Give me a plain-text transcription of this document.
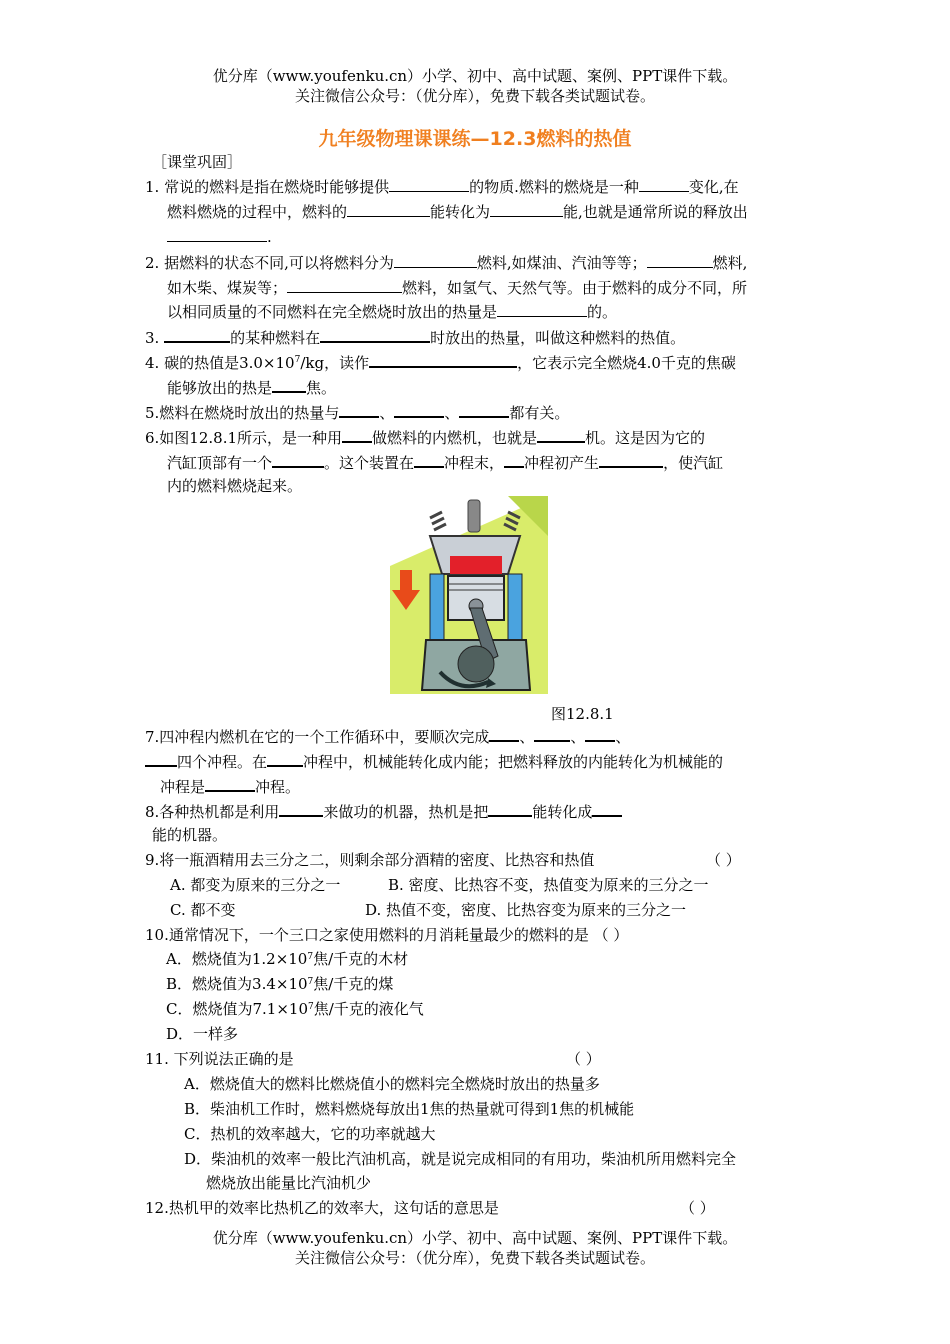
优分库（www.youfenku.cn）小学、初中、高中试题、案例、PPT课件下载。
关注微信公众号：（优分库），免费下载各类试题试卷。
九年级物理课课练—12.3燃料的热值
［课堂巩固］
1. 常说的燃料是指在燃烧时能够提供	的物质.燃料的燃烧是一种	变化,在
燃料燃烧的过程中，燃料的	能转化为	能,也就是通常所说的释放出
.
2. 据燃料的状态不同,可以将燃料分为	燃料,如煤油、汽油等等；	燃料,
如木柴、煤炭等；	燃料，如氢气、天然气等。由于燃料的成分不同，所
以相同质量的不同燃料在完全燃烧时放出的热量是	的。
3.	的某种燃料在	时放出的热量，叫做这种燃料的热值。
4. 碳的热值是$3.0\times 10^7/kg$，读作	，它表示完全燃烧4.0千克的焦碳
能够放出的热是 焦。
5.燃料在燃烧时放出的热量与	、	、	都有关。
6.如图12.8.1所示，是一种用 做燃料的内燃机，也就是	机。这是因为它的
汽缸顶部有一个	。这个装置在 冲程末， 冲程初产生	，使汽缸
内的燃料燃烧起来。
图12.8.1
7.四冲程内燃机在它的一个工作循环中，要顺次完成 、 、 、
四个冲程。在 冲程中，机械能转化成内能；把燃料释放的内能转化为机械能的
冲程是	冲程。
8.各种热机都是利用	来做功的机器，热机是把	能转化成
能的机器。
9.将一瓶酒精用去三分之二，则剩余部分酒精的密度、比热容和热值	（ ）
A. 都变为原来的三分之一	B. 密度、比热容不变，热值变为原来的三分之一
C. 都不变	D. 热值不变，密度、比热容变为原来的三分之一
10.通常情况下，一个三口之家使用燃料的月消耗量最少的燃料的是 （ ）
A．燃烧值为$1.2\times 10^7$焦/千克的木材
B．燃烧值为$3.4\times 10^7$焦/千克的煤
C．燃烧值为$7.1\times 10^7$焦/千克的液化气
D．一样多
11. 下列说法正确的是	（ ）
A．燃烧值大的燃料比燃烧值小的燃料完全燃烧时放出的热量多
B．柴油机工作时，燃料燃烧每放出1焦的热量就可得到1焦的机械能
C．热机的效率越大，它的功率就越大
D．柴油机的效率一般比汽油机高，就是说完成相同的有用功，柴油机所用燃料完全
燃烧放出能量比汽油机少
12.热机甲的效率比热机乙的效率大，这句话的意思是	（ ）
优分库（www.youfenku.cn）小学、初中、高中试题、案例、PPT课件下载。
关注微信公众号：（优分库），免费下载各类试题试卷。
